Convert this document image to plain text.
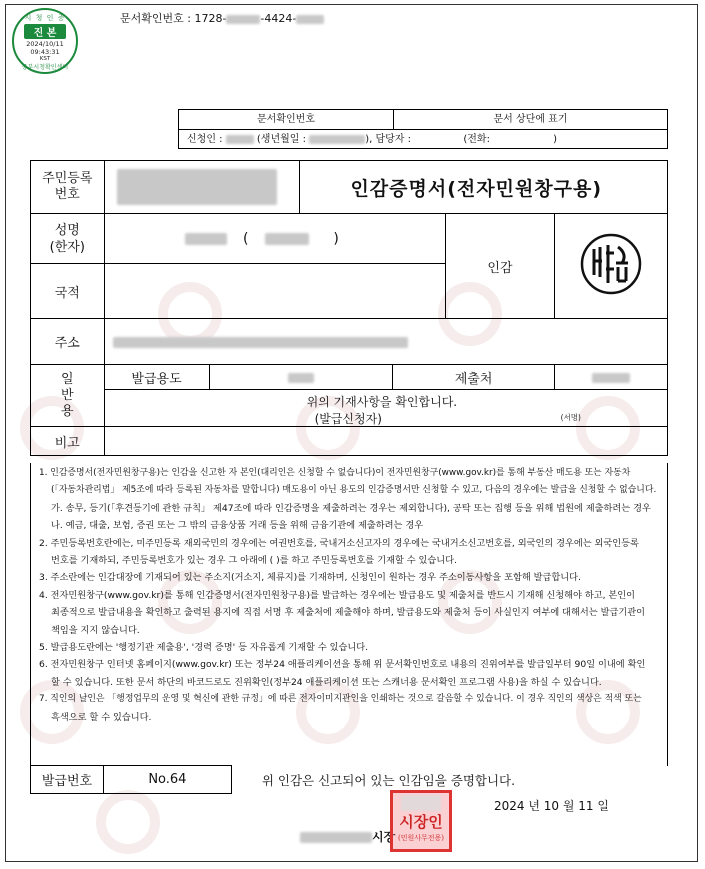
시 청 인 증
진 본
2024/10/11
09:43:31
KST
중부시청확인센터
문서확인번호 : 1728-	-4424-
문서확인번호	문서 상단에 표기
신청인 :	(생년월일 :	), 담당자 :	(전화:	)
주민등록 번호			인감증명서(전자민원창구용)			
성명 (한자)	( )				인감	
국적						
주소						
일 반 용	발급용도			제출처		

	위의 기재사항을 확인합니다.
(발급신청자) (서명)					

비고						

1. 인감증명서(전자민원창구용)는 인감을 신고한 자 본인(대리인은 신청할 수 없습니다)이 전자민원창구(www.gov.kr)를 통해 부동산 매도용 또는 자동차

(「자동차관리법」 제5조에 따라 등록된 자동차를 말합니다) 매도용이 아닌 용도의 인감증명서만 신청할 수 있고, 다음의 경우에는 발급을 신청할 수 없습니다.

가. 송무, 등기(「후견등기에 관한 규칙」 제47조에 따라 인감증명을 제출하려는 경우는 제외합니다), 공탁 또는 집행 등을 위해 법원에 제출하려는 경우

나. 예금, 대출, 보험, 증권 또는 그 밖의 금융상품 거래 등을 위해 금융기관에 제출하려는 경우

2. 주민등록번호란에는, 미주민등록 재외국민의 경우에는 여권번호를, 국내거소신고자의 경우에는 국내거소신고번호를, 외국인의 경우에는 외국인등록

번호를 기재하되, 주민등록번호가 있는 경우 그 아래에 ( )를 하고 주민등록번호를 기재할 수 있습니다.

3. 주소란에는 인감대장에 기재되어 있는 주소지(거소지, 체류지)를 기재하며, 신청인이 원하는 경우 주소이동사항을 포함해 발급합니다.

4. 전자민원창구(www.gov.kr)를 통해 인감증명서(전자민원창구용)를 발급하는 경우에는 발급용도 및 제출처를 반드시 기재해 신청해야 하고, 본인이

최종적으로 발급내용을 확인하고 출력된 용지에 직접 서명 후 제출처에 제출해야 하며, 발급용도와 제출처 등이 사실인지 여부에 대해서는 발급기관이

책임을 지지 않습니다.

5. 발급용도란에는 '행정기관 제출용', '경력 증명' 등 자유롭게 기재할 수 있습니다.

6. 전자민원창구 인터넷 홈페이지(www.gov.kr) 또는 정부24 애플리케이션을 통해 위 문서확인번호로 내용의 진위여부를 발급일부터 90일 이내에 확인

할 수 있습니다. 또한 문서 하단의 바코드로도 진위확인(정부24 애플리케이션 또는 스캐너용 문서확인 프로그램 사용)을 하실 수 있습니다.

7. 직인의 날인은 「행정업무의 운영 및 혁신에 관한 규정」에 따른 전자이미지관인을 인쇄하는 것으로 갈음할 수 있습니다. 이 경우 직인의 색상은 적색 또는

흑색으로 할 수 있습니다.

발급번호	No.64	위 인감은 신고되어 있는 인감임을 증명합니다.
2024 년 10 월 11 일
시장
시장인
(민원사무전용)
